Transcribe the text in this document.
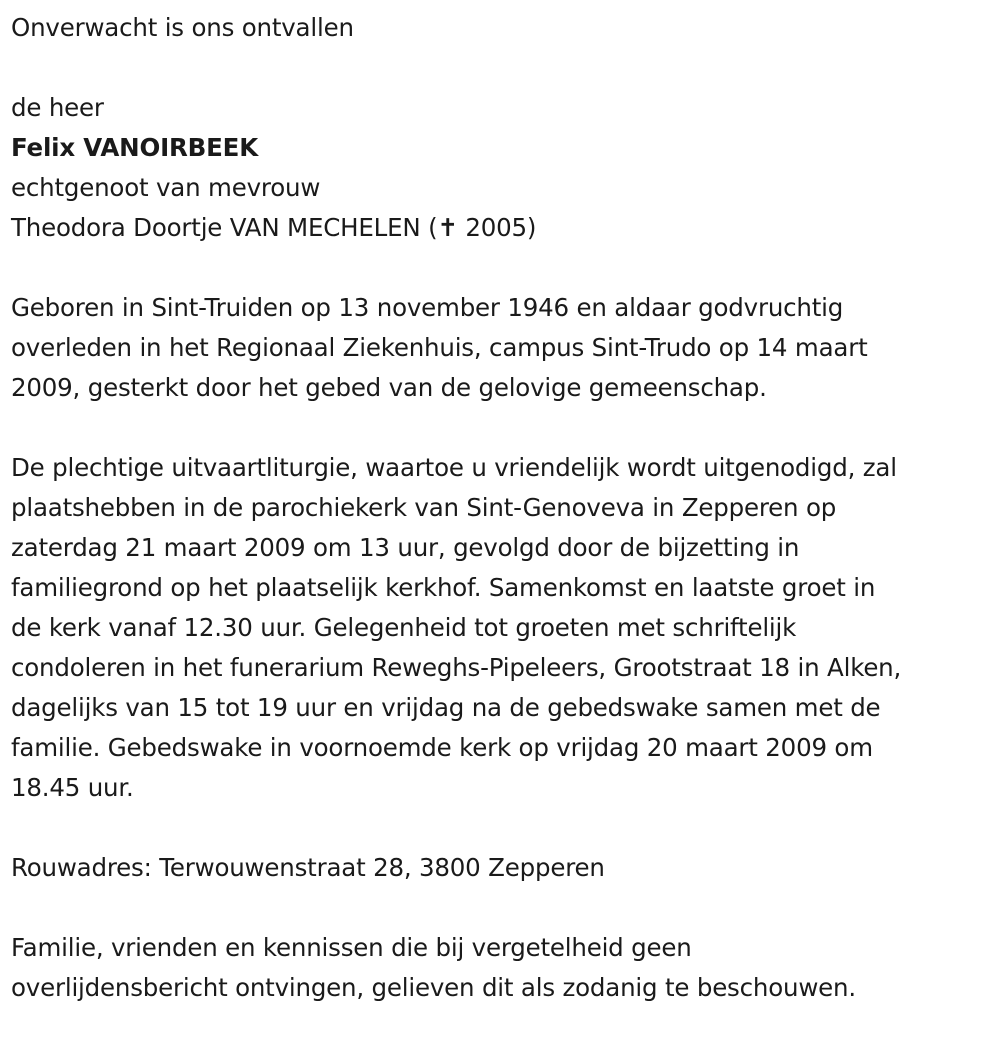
Onverwacht is ons ontvallen

de heer

Felix VANOIRBEEK

echtgenoot van mevrouw

Theodora Doortje VAN MECHELEN (✝ 2005)

Geboren in Sint-Truiden op 13 november 1946 en aldaar godvruchtig

overleden in het Regionaal Ziekenhuis, campus Sint-Trudo op 14 maart

2009, gesterkt door het gebed van de gelovige gemeenschap.

De plechtige uitvaartliturgie, waartoe u vriendelijk wordt uitgenodigd, zal

plaatshebben in de parochiekerk van Sint-Genoveva in Zepperen op

zaterdag 21 maart 2009 om 13 uur, gevolgd door de bijzetting in

familiegrond op het plaatselijk kerkhof. Samenkomst en laatste groet in

de kerk vanaf 12.30 uur. Gelegenheid tot groeten met schriftelijk

condoleren in het funerarium Reweghs-Pipeleers, Grootstraat 18 in Alken,

dagelijks van 15 tot 19 uur en vrijdag na de gebedswake samen met de

familie. Gebedswake in voornoemde kerk op vrijdag 20 maart 2009 om

18.45 uur.

Rouwadres: Terwouwenstraat 28, 3800 Zepperen

Familie, vrienden en kennissen die bij vergetelheid geen

overlijdensbericht ontvingen, gelieven dit als zodanig te beschouwen.
